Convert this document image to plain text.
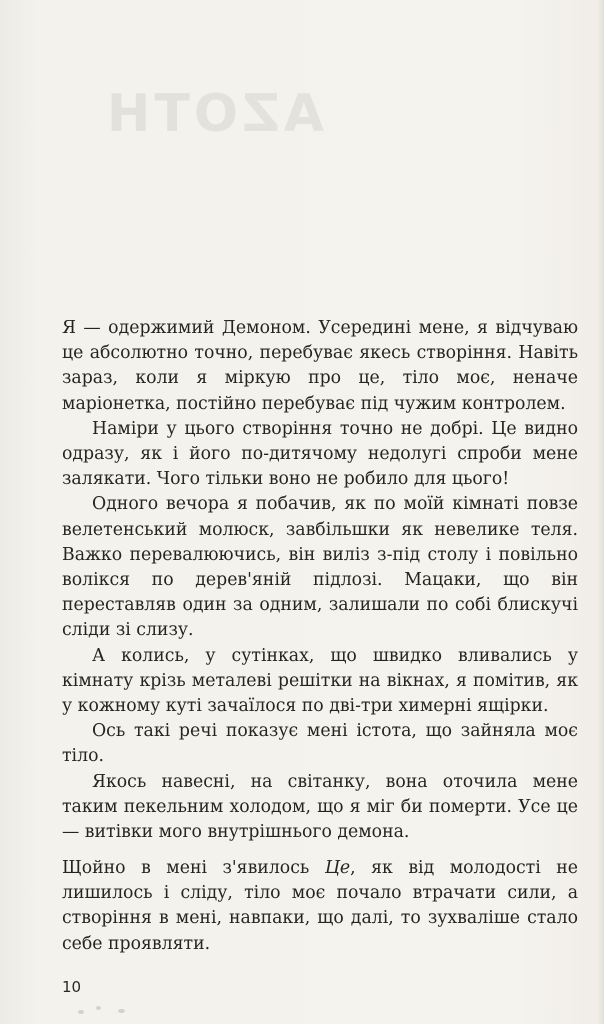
AZOTH

Я — одержимий Демоном. Усередині мене, я відчуваю це абсолютно точно, перебуває якесь створіння. Навіть зараз, коли я міркую про це, тіло моє, неначе маріонетка, постійно перебуває під чужим контролем.

Наміри у цього створіння точно не добрі. Це видно одразу, як і його по-дитячому недолугі спроби мене залякати. Чого тільки воно не робило для цього!

Одного вечора я побачив, як по моїй кімнаті повзе велетенський молюск, завбільшки як невелике теля. Важко перевалюючись, він виліз з-під столу і повільно волікся по дерев'яній підлозі. Мацаки, що він переставляв один за одним, залишали по собі блискучі сліди зі слизу.

А колись, у сутінках, що швидко вливались у кімнату крізь металеві решітки на вікнах, я помітив, як у кожному куті зачаїлося по дві-три химерні ящірки.

Ось такі речі показує мені істота, що зайняла моє тіло.

Якось навесні, на світанку, вона оточила мене таким пекельним холодом, що я міг би померти. Усе це — витівки мого внутрішнього демона.

Щойно в мені з'явилось Це, як від молодості не лишилось і сліду, тіло моє почало втрачати сили, а створіння в мені, навпаки, що далі, то зухваліше стало себе проявляти.

10
